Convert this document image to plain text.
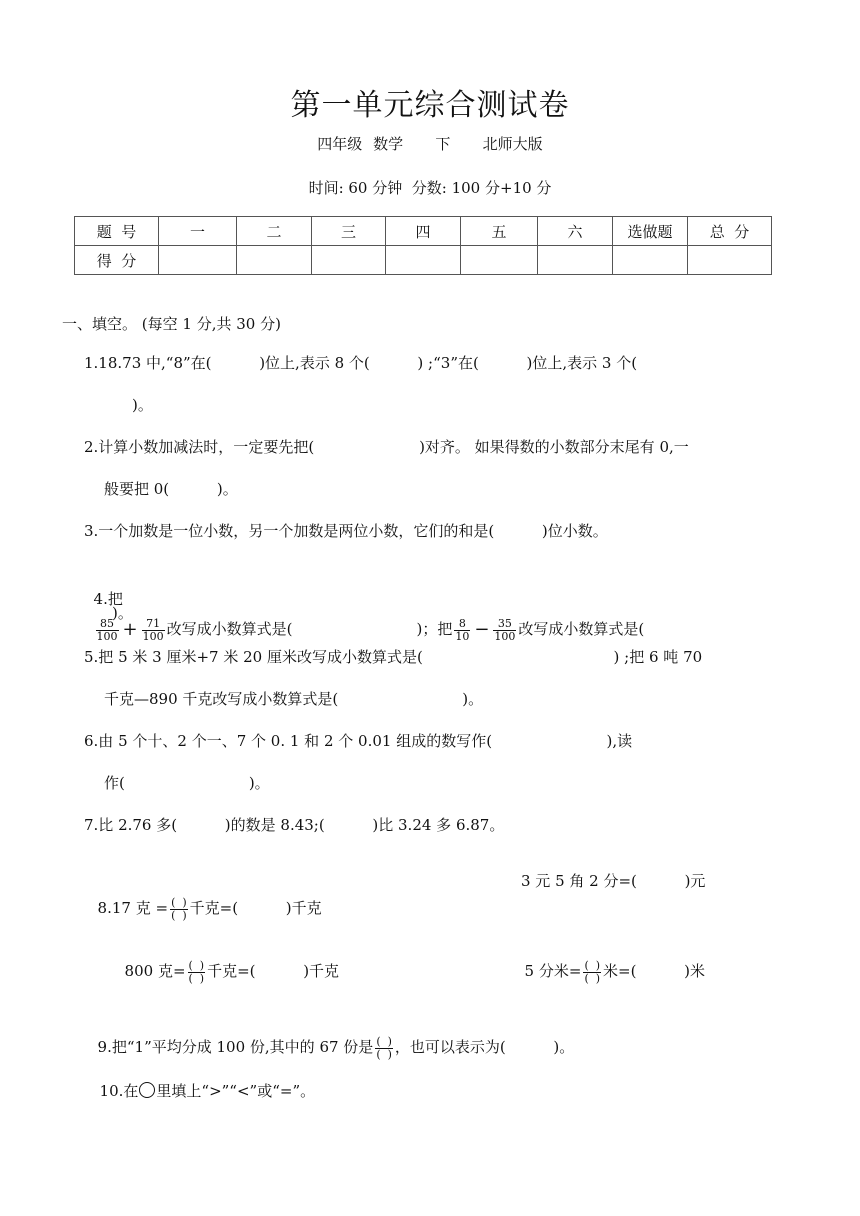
第一单元综合测试卷
四年级 数学   下   北师大版
时间: 60 分钟  分数: 100 分+10 分
题  号	一	二	三	四	五	六	选做题	总  分
得  分								
一、填空。 (每空 1 分,共 30 分)
1.18.73 中,“8”在(          )位上,表示 8 个(          ) ;“3”在(          )位上,表示 3 个(
)。
2.计算小数加减法时，一定要先把(                      )对齐。 如果得数的小数部分末尾有 0,一
般要把 0(          )。
3.一个加数是一位小数，另一个加数是两位小数，它们的和是(          )位小数。

4.把

$\frac{85}{100} + \frac{71}{100}$ 改写成小数算式是(                          )；把 $\frac{8}{10} - \frac{35}{100}$ 改写成小数算式是(

)。
5.把 5 米 3 厘米+7 米 20 厘米改写成小数算式是(                                        ) ;把 6 吨 70
千克—890 千克改写成小数算式是(                          )。
6.由 5 个十、2 个一、7 个 0. 1 和 2 个 0.01 组成的数写作(                        ),读
作(                          )。
7.比 2.76 多(          )的数是 8.43;(          )比 3.24 多 6.87。

8.17 克 = $\frac{( )}{( )}$ 千克=(          )千克

3 元 5 角 2 分=(          )元

800 克= $\frac{( )}{( )}$ 千克=(          )千克	5 分米= $\frac{( )}{( )}$ 米=(          )米

9.把“1”平均分成 100 份,其中的 67 份是 $\frac{( )}{( )}$ ，也可以表示为(          )。

10.在 里填上“>”“<”或“=”。
